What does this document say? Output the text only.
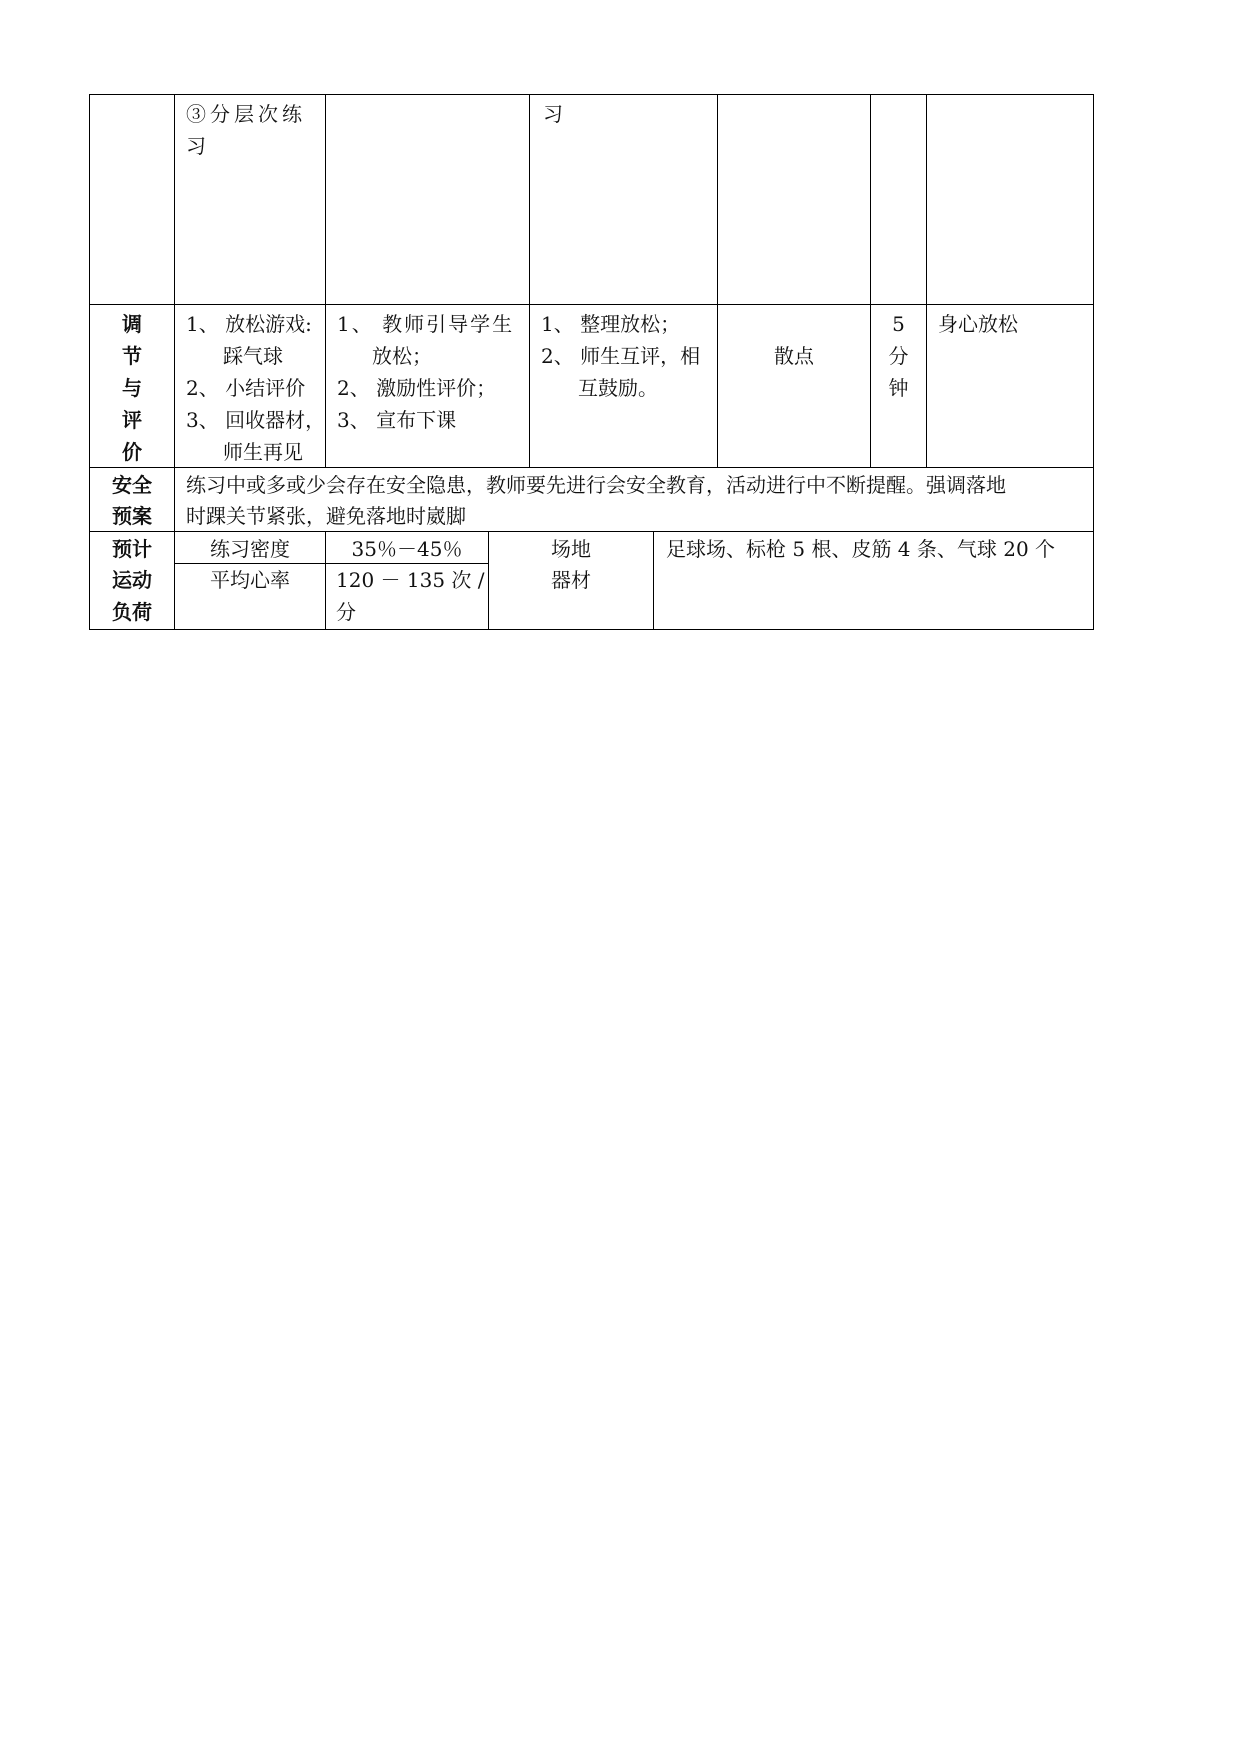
③分层次练
习
习
调
节
与
评
价
1、 放松游戏:
踩气球
2、 小结评价
3、 回收器材，
师生再见
1、 教师引导学生
放松；
2、 激励性评价；
3、 宣布下课
1、 整理放松；
2、 师生互评，相
互鼓励。
散点
5
分
钟
身心放松
安全
预案
练习中或多或少会存在安全隐患，教师要先进行会安全教育，活动进行中不断提醒。强调落地
时踝关节紧张，避免落地时崴脚
预计
运动
负荷
练习密度	35％－45％
平均心率	120 － 135 次 /
分
场地
器材
足球场、标枪 5 根、皮筋 4 条、气球 20 个
